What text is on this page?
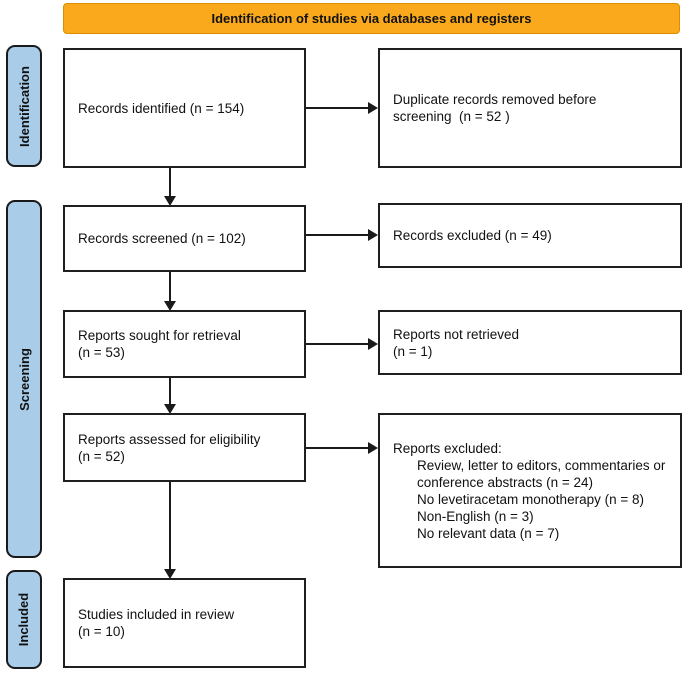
Identification of studies via databases and registers
Identification
Screening
Included
Records identified (n = 154)
Records screened (n = 102)
Reports sought for retrieval
(n = 53)
Reports assessed for eligibility
(n = 52)
Studies included in review
(n = 10)
Duplicate records removed before
screening  (n = 52 )
Records excluded (n = 49)
Reports not retrieved
(n = 1)
Reports excluded:
Review, letter to editors, commentaries or conference abstracts (n = 24)
No levetiracetam monotherapy (n = 8)
Non-English (n = 3)
No relevant data (n = 7)
